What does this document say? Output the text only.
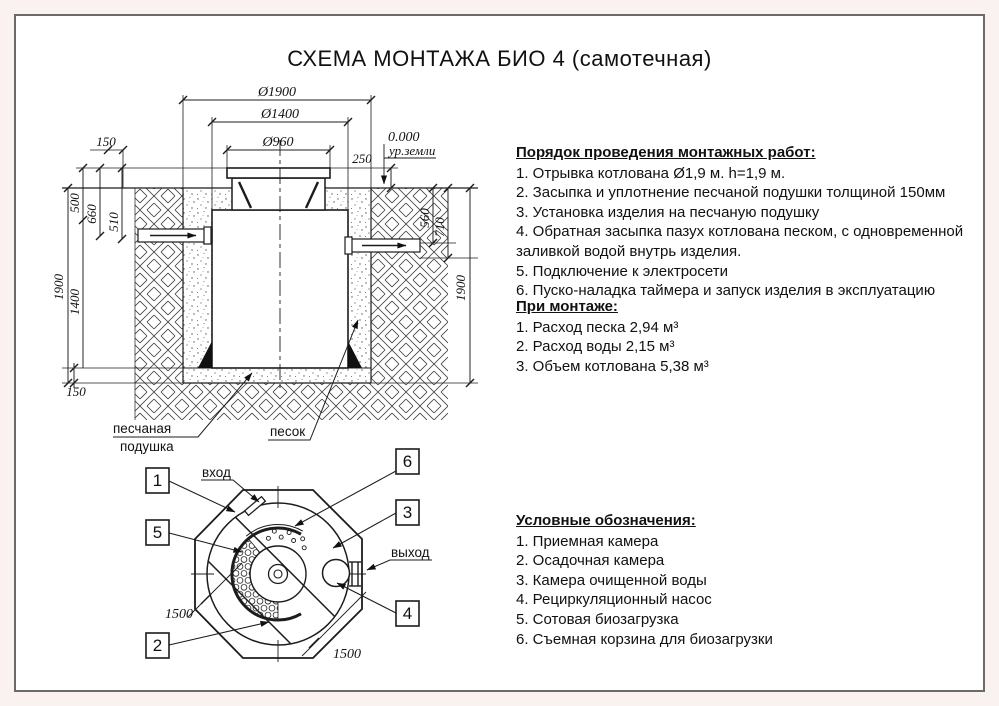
СХЕМА МОНТАЖА БИО 4 (самотечная)
Порядок проведения монтажных работ:
1. Отрывка котлована Ø1,9 м. h=1,9 м.
2. Засыпка и уплотнение песчаной подушки толщиной 150мм
3. Установка изделия на песчаную подушку
4. Обратная засыпка пазух котлована песком, с одновременной заливкой водой внутрь изделия.
5. Подключение к электросети
6. Пуско-наладка таймера и запуск изделия в эксплуатацию
При монтаже:
1. Расход песка 2,94 м³
2. Расход воды 2,15 м³
3. Объем котлована 5,38 м³
Условные обозначения:
1. Приемная камера
2. Осадочная камера
3. Камера очищенной воды
4. Рециркуляционный насос
5. Сотовая биозагрузка
6. Съемная корзина для биозагрузки
Ø1900
Ø1400
Ø960
150
250
0.000
ур.земли
500
660 510
1900
1400
150
560 710
1900
песчаная
подушка
песок
1
5
2
6
3
4
вход
выход
1500
1500
